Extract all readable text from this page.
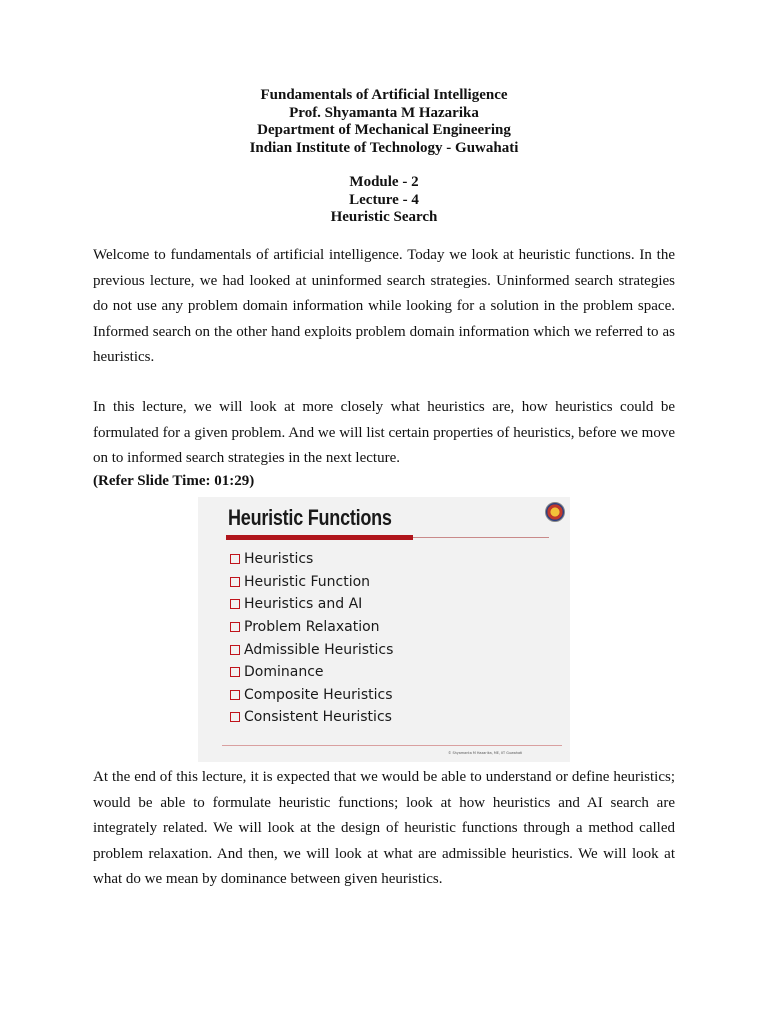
Fundamentals of Artificial Intelligence
Prof. Shyamanta M Hazarika
Department of Mechanical Engineering
Indian Institute of Technology - Guwahati
Module - 2
Lecture - 4
Heuristic Search

Welcome to fundamentals of artificial intelligence. Today we look at heuristic functions. In the previous lecture, we had looked at uninformed search strategies. Uninformed search strategies do not use any problem domain information while looking for a solution in the problem space. Informed search on the other hand exploits problem domain information which we referred to as heuristics.

In this lecture, we will look at more closely what heuristics are, how heuristics could be formulated for a given problem. And we will list certain properties of heuristics, before we move on to informed search strategies in the next lecture.

(Refer Slide Time: 01:29)
Heuristic Functions
Heuristics
Heuristic Function
Heuristics and AI
Problem Relaxation
Admissible Heuristics
Dominance
Composite Heuristics
Consistent Heuristics
© Shyamanta M Hazarika, ME, IIT Guwahati

At the end of this lecture, it is expected that we would be able to understand or define heuristics; would be able to formulate heuristic functions; look at how heuristics and AI search are integrately related. We will look at the design of heuristic functions through a method called problem relaxation. And then, we will look at what are admissible heuristics. We will look at what do we mean by dominance between given heuristics.
